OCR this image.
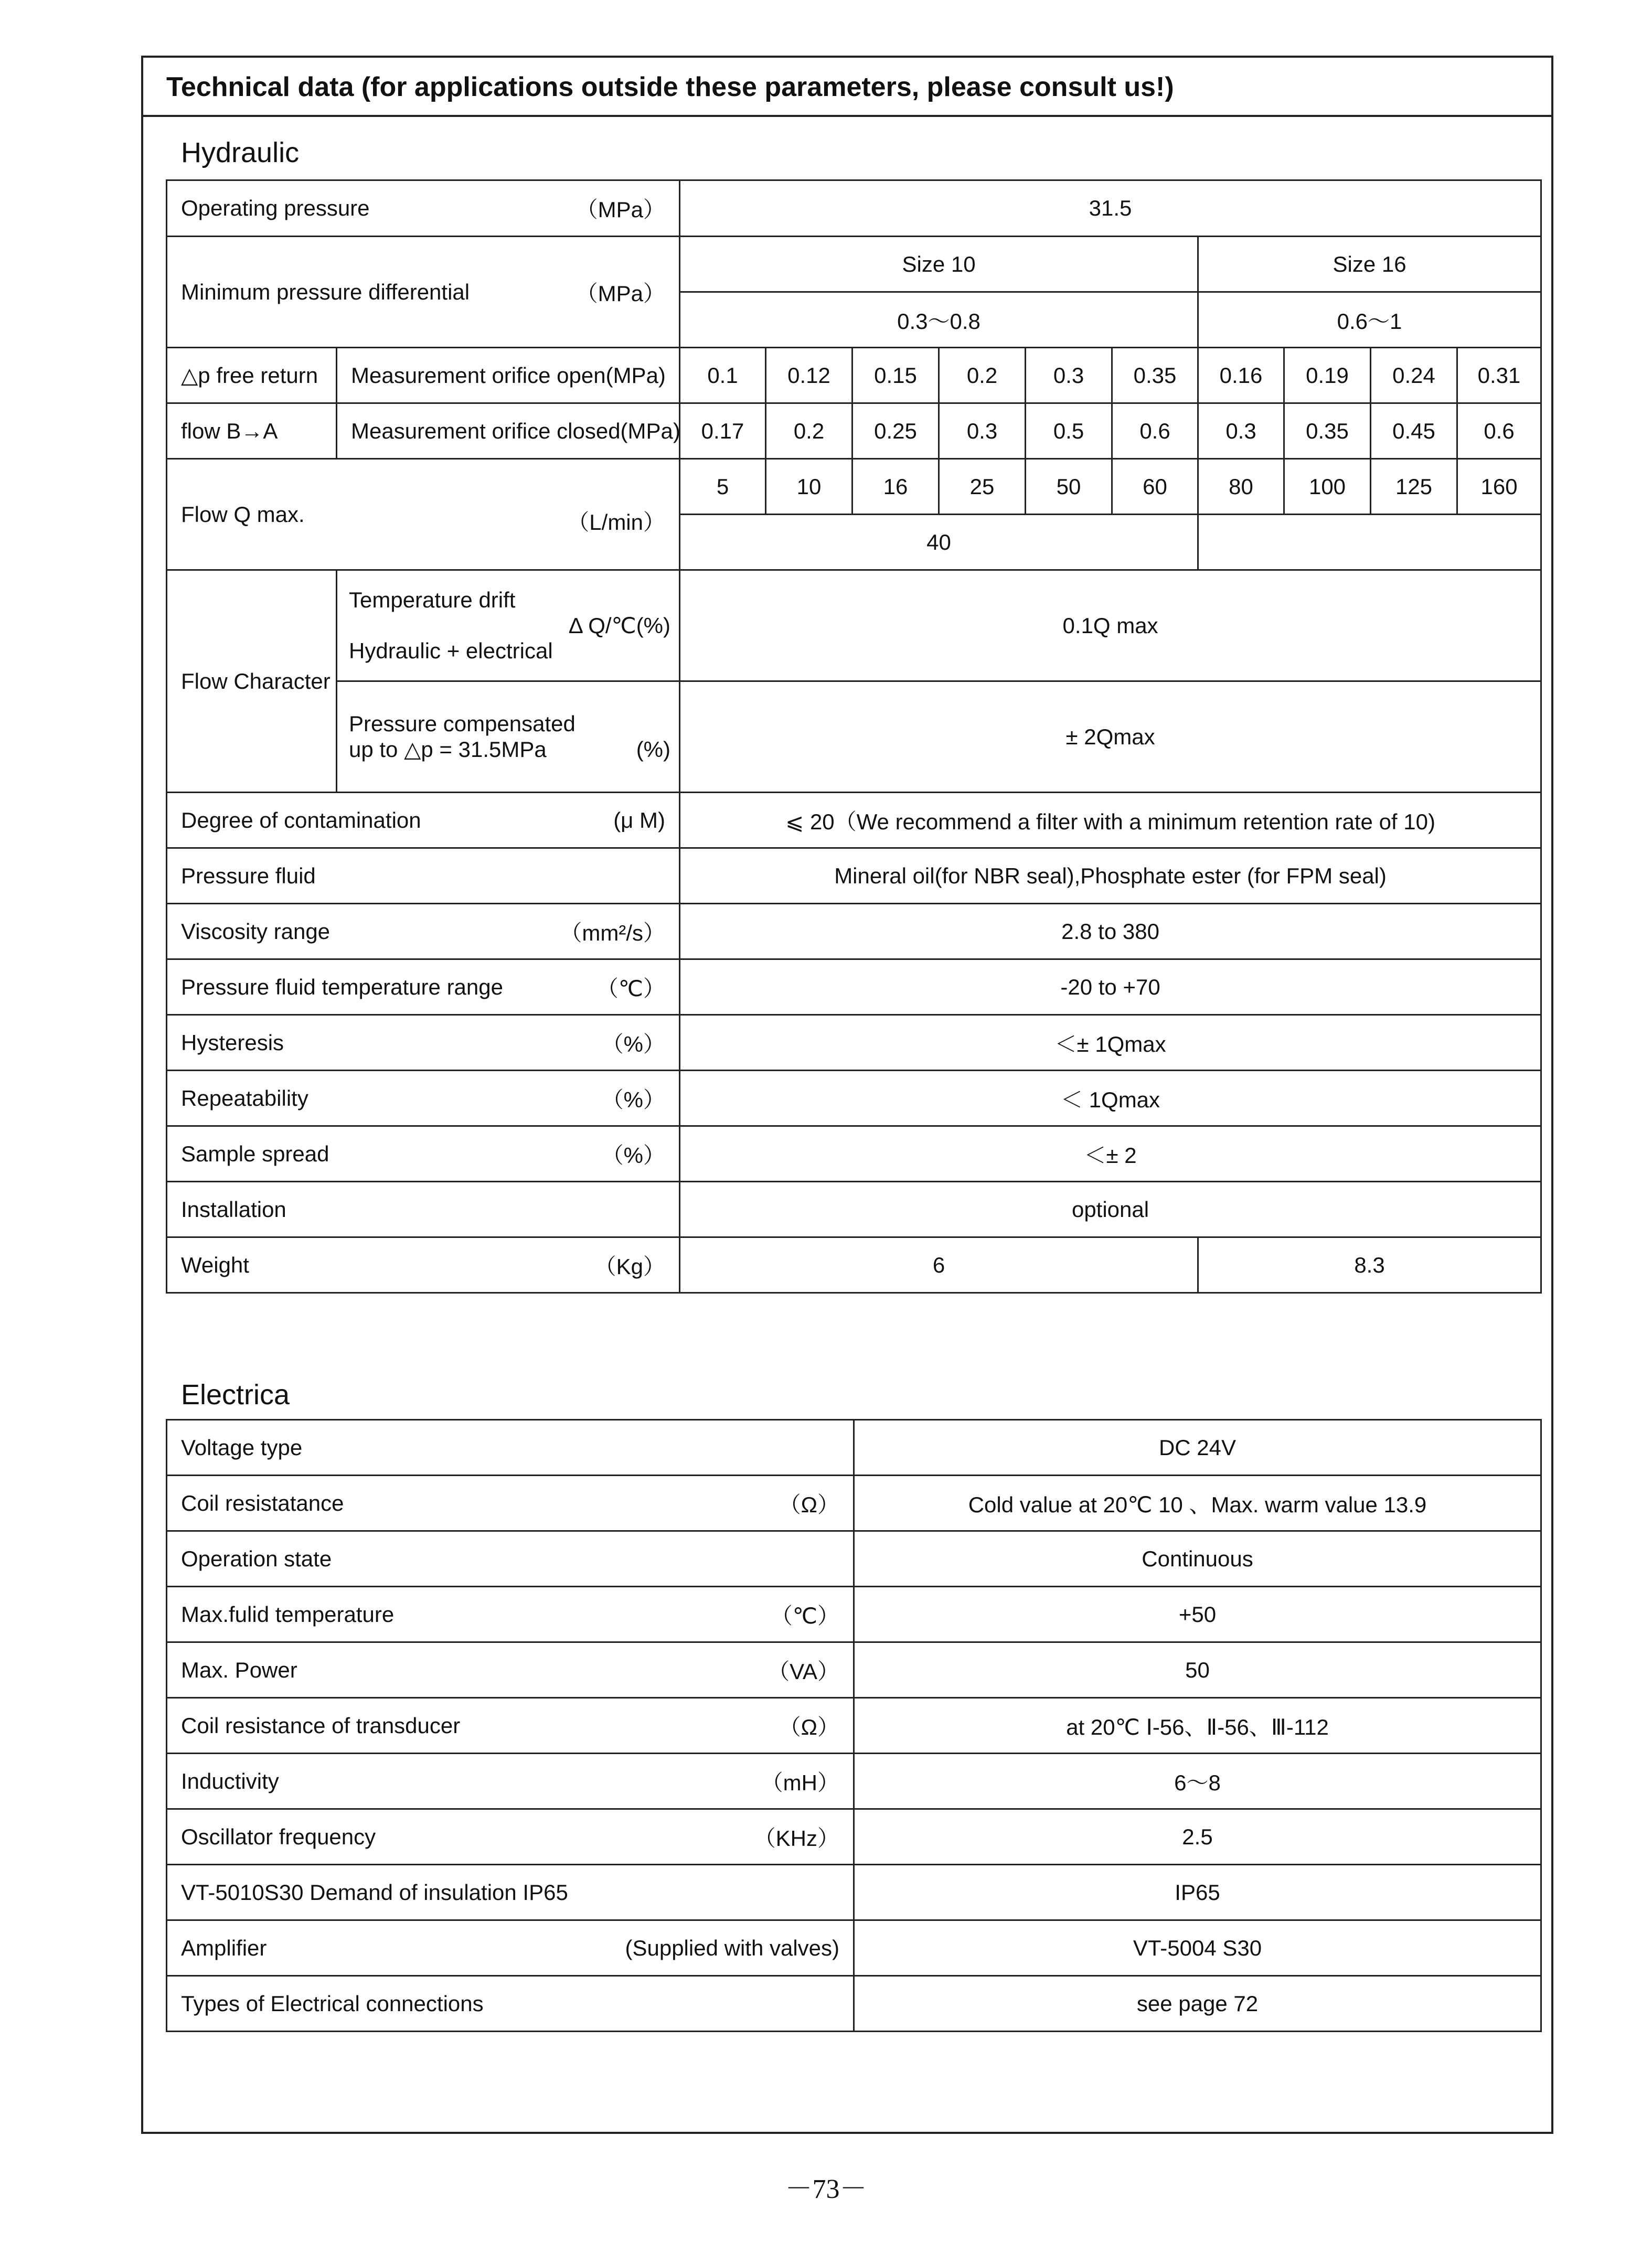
Technical data (for applications outside these parameters, please consult us!)
Hydraulic
Operating pressure （MPa）		31.5									

Minimum pressure differential （MPa）		Size 10						Size 16			
		0.3～0.8						0.6～1			
△p free return	Measurement orifice open(MPa)	0.1	0.12	0.15	0.2	0.3	0.35	0.16	0.19	0.24	0.31
flow B→A	Measurement orifice closed(MPa)	0.17	0.2	0.25	0.3	0.5	0.6	0.3	0.35	0.45	0.6

Flow Q max. （L/min）		5	10	16	25	50	60	80	100	125	160
		40									
Flow Character	Temperature drift
Δ Q/℃(%)
Hydraulic + electrical	0.1Q max									

	Pressure compensated
up to △p = 31.5MPa (%)	± 2Qmax									

Degree of contamination (μ M)		⩽ 20（We recommend a filter with a minimum retention rate of 10)									
Pressure fluid		Mineral oil(for NBR seal),Phosphate ester (for FPM seal)									

Viscosity range （mm²/s）		2.8 to 380									

Pressure fluid temperature range （℃）		-20 to +70									

Hysteresis （%）		＜± 1Qmax									

Repeatability （%）		＜ 1Qmax									

Sample spread （%）		＜± 2									
Installation		optional									

Weight （Kg）		6						8.3			
Electrica
Voltage type	DC 24V

Coil resistatance （Ω）	Cold value at 20℃ 10 、Max. warm value 13.9

Operation state	Continuous

Max.fulid temperature （℃）	+50

Max. Power （VA）	50

Coil resistance of transducer （Ω）	at 20℃ Ⅰ-56、Ⅱ-56、Ⅲ-112

Inductivity （mH）	6～8

Oscillator frequency （KHz）	2.5

VT-5010S30 Demand of insulation IP65	IP65

Amplifier (Supplied with valves)	VT-5004 S30

Types of Electrical connections	see page 72
－73－
